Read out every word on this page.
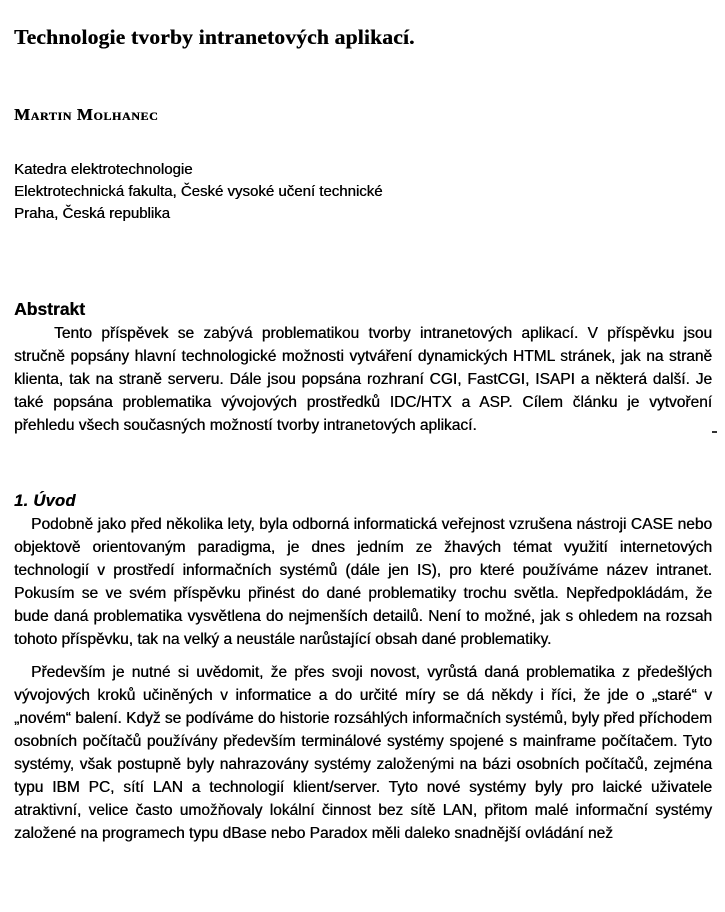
Technologie tvorby intranetových aplikací.
Martin Molhanec
Katedra elektrotechnologie
Elektrotechnická fakulta, České vysoké učení technické
Praha, Česká republika
Abstrakt

Tento příspěvek se zabývá problematikou tvorby intranetových aplikací. V příspěvku jsou stručně popsány hlavní technologické možnosti vytváření dynamických HTML stránek, jak na straně klienta, tak na straně serveru. Dále jsou popsána rozhraní CGI, FastCGI, ISAPI a některá další. Je také popsána problematika vývojových prostředků IDC/HTX a ASP. Cílem článku je vytvoření přehledu všech současných možností tvorby intranetových aplikací.

1. Úvod

Podobně jako před několika lety, byla odborná informatická veřejnost vzrušena nástroji CASE nebo objektově orientovaným paradigma, je dnes jedním ze žhavých témat využití internetových technologií v prostředí informačních systémů (dále jen IS), pro které používáme název intranet. Pokusím se ve svém příspěvku přinést do dané problematiky trochu světla. Nepředpokládám, že bude daná problematika vysvětlena do nejmenších detailů. Není to možné, jak s ohledem na rozsah tohoto příspěvku, tak na velký a neustále narůstající obsah dané problematiky.

Především je nutné si uvědomit, že přes svoji novost, vyrůstá daná problematika z předešlých vývojových kroků učiněných v informatice a do určité míry se dá někdy i říci, že jde o „staré“ v „novém“ balení. Když se podíváme do historie rozsáhlých informačních systémů, byly před příchodem osobních počítačů používány především terminálové systémy spojené s mainframe počítačem. Tyto systémy, však postupně byly nahrazovány systémy založenými na bázi osobních počítačů, zejména typu IBM PC, sítí LAN a technologií klient/server. Tyto nové systémy byly pro laické uživatele atraktivní, velice často umožňovaly lokální činnost bez sítě LAN, přitom malé informační systémy založené na programech typu dBase nebo Paradox měli daleko snadnější ovládání než
